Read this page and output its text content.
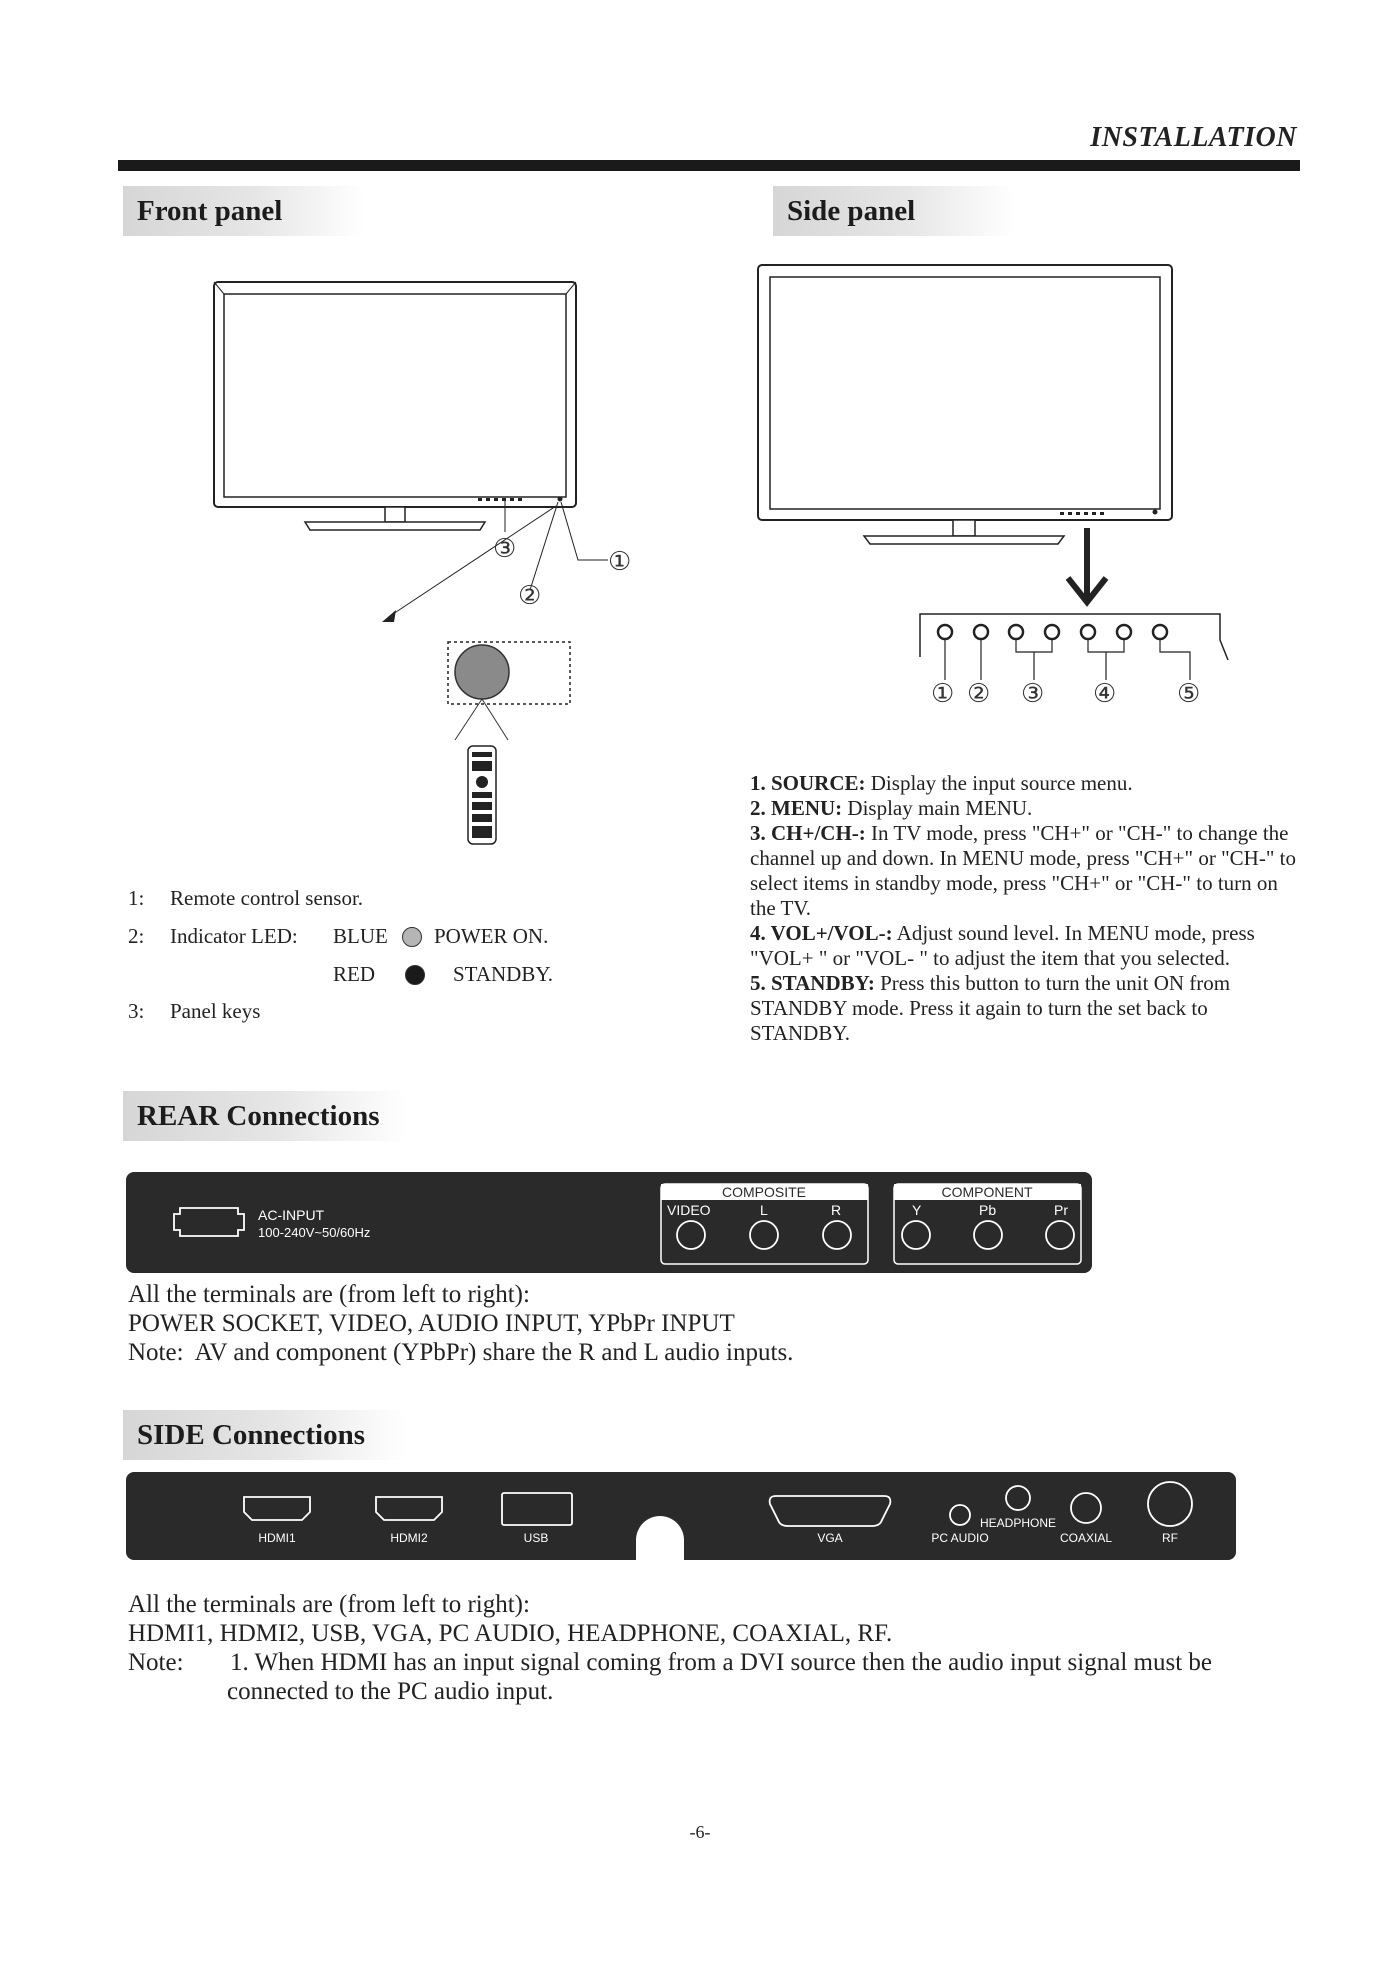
INSTALLATION
Front panel	Side panel
③	①
②
1: Remote control sensor.
2: Indicator LED: BLUE POWER ON.
RED	STANDBY.
3: Panel keys
① ② ③ ④ ⑤
1. SOURCE: Display the input source menu.
2. MENU: Display main MENU.
3. CH+/CH-: In TV mode, press "CH+" or "CH-" to change the channel up and down. In MENU mode, press "CH+" or "CH-" to select items in standby mode, press "CH+" or "CH-" to turn on the TV.
4. VOL+/VOL-: Adjust sound level. In MENU mode, press "VOL+ " or "VOL- " to adjust the item that you selected.
5. STANDBY: Press this button to turn the unit ON from STANDBY mode. Press it again to turn the set back to STANDBY.
REAR Connections
AC-INPUT
100-240V~50/60Hz
COMPOSITE
VIDEO	L	R
COMPONENT
Y	Pb	Pr
All the terminals are (from left to right):
POWER SOCKET, VIDEO, AUDIO INPUT, YPbPr INPUT
Note:  AV and component (YPbPr) share the R and L audio inputs.
SIDE Connections
HDMI1	HDMI2	USB	VGA	PC AUDIO
HEADPHONE
COAXIAL	RF
All the terminals are (from left to right):
HDMI1, HDMI2, USB, VGA, PC AUDIO, HEADPHONE, COAXIAL, RF.
Note: 1. When HDMI has an input signal coming from a DVI source then the audio input signal must be
connected to the PC audio input.
-6-
